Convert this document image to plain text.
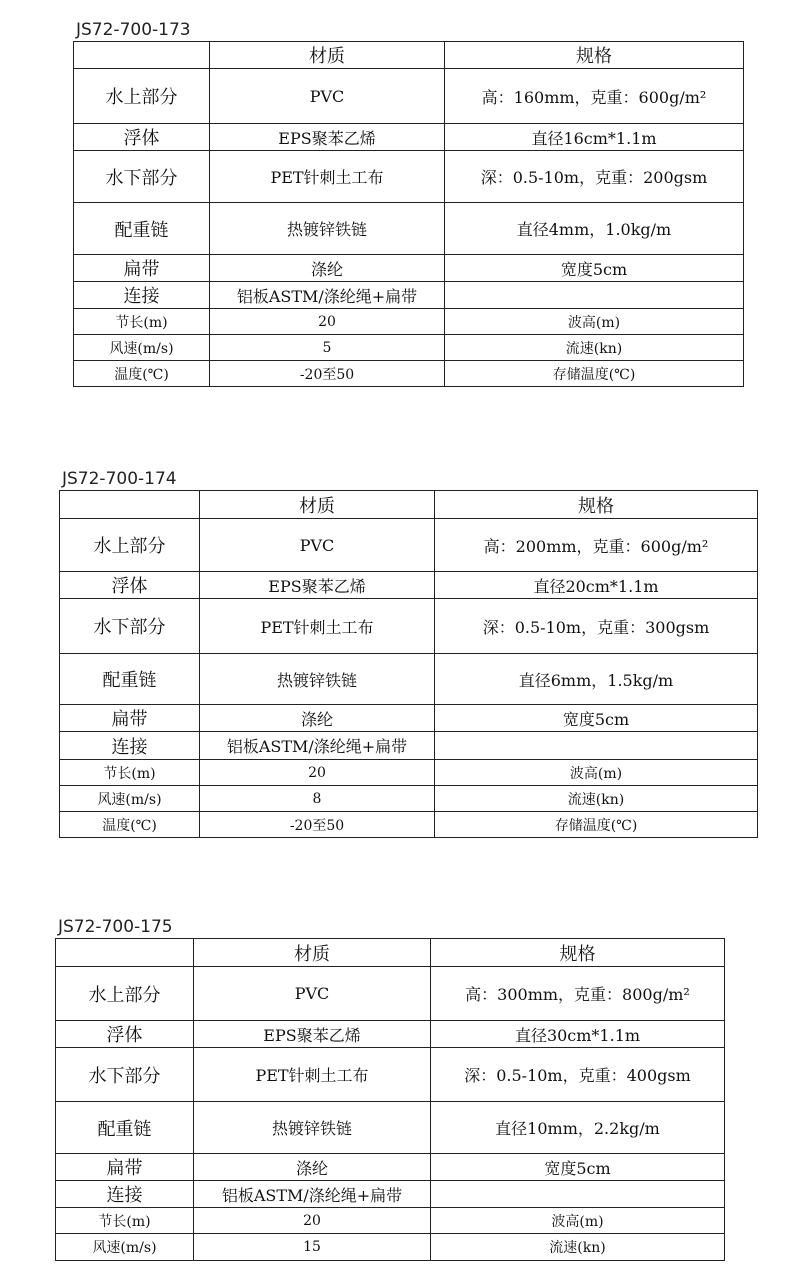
JS72-700-173
	材质	规格
水上部分	PVC	高：160mm，克重：600g/m²
浮体	EPS聚苯乙烯	直径16cm*1.1m
水下部分	PET针刺土工布	深：0.5-10m，克重：200gsm
配重链	热镀锌铁链	直径4mm，1.0kg/m
扁带	涤纶	宽度5cm
连接	铝板ASTM/涤纶绳+扁带	
节长(m)	20	波高(m)
风速(m/s)	5	流速(kn)
温度(℃)	-20至50	存储温度(℃)
JS72-700-174
	材质	规格
水上部分	PVC	高：200mm，克重：600g/m²
浮体	EPS聚苯乙烯	直径20cm*1.1m
水下部分	PET针刺土工布	深：0.5-10m，克重：300gsm
配重链	热镀锌铁链	直径6mm，1.5kg/m
扁带	涤纶	宽度5cm
连接	铝板ASTM/涤纶绳+扁带	
节长(m)	20	波高(m)
风速(m/s)	8	流速(kn)
温度(℃)	-20至50	存储温度(℃)
JS72-700-175
	材质	规格
水上部分	PVC	高：300mm，克重：800g/m²
浮体	EPS聚苯乙烯	直径30cm*1.1m
水下部分	PET针刺土工布	深：0.5-10m，克重：400gsm
配重链	热镀锌铁链	直径10mm，2.2kg/m
扁带	涤纶	宽度5cm
连接	铝板ASTM/涤纶绳+扁带	
节长(m)	20	波高(m)
风速(m/s)	15	流速(kn)
